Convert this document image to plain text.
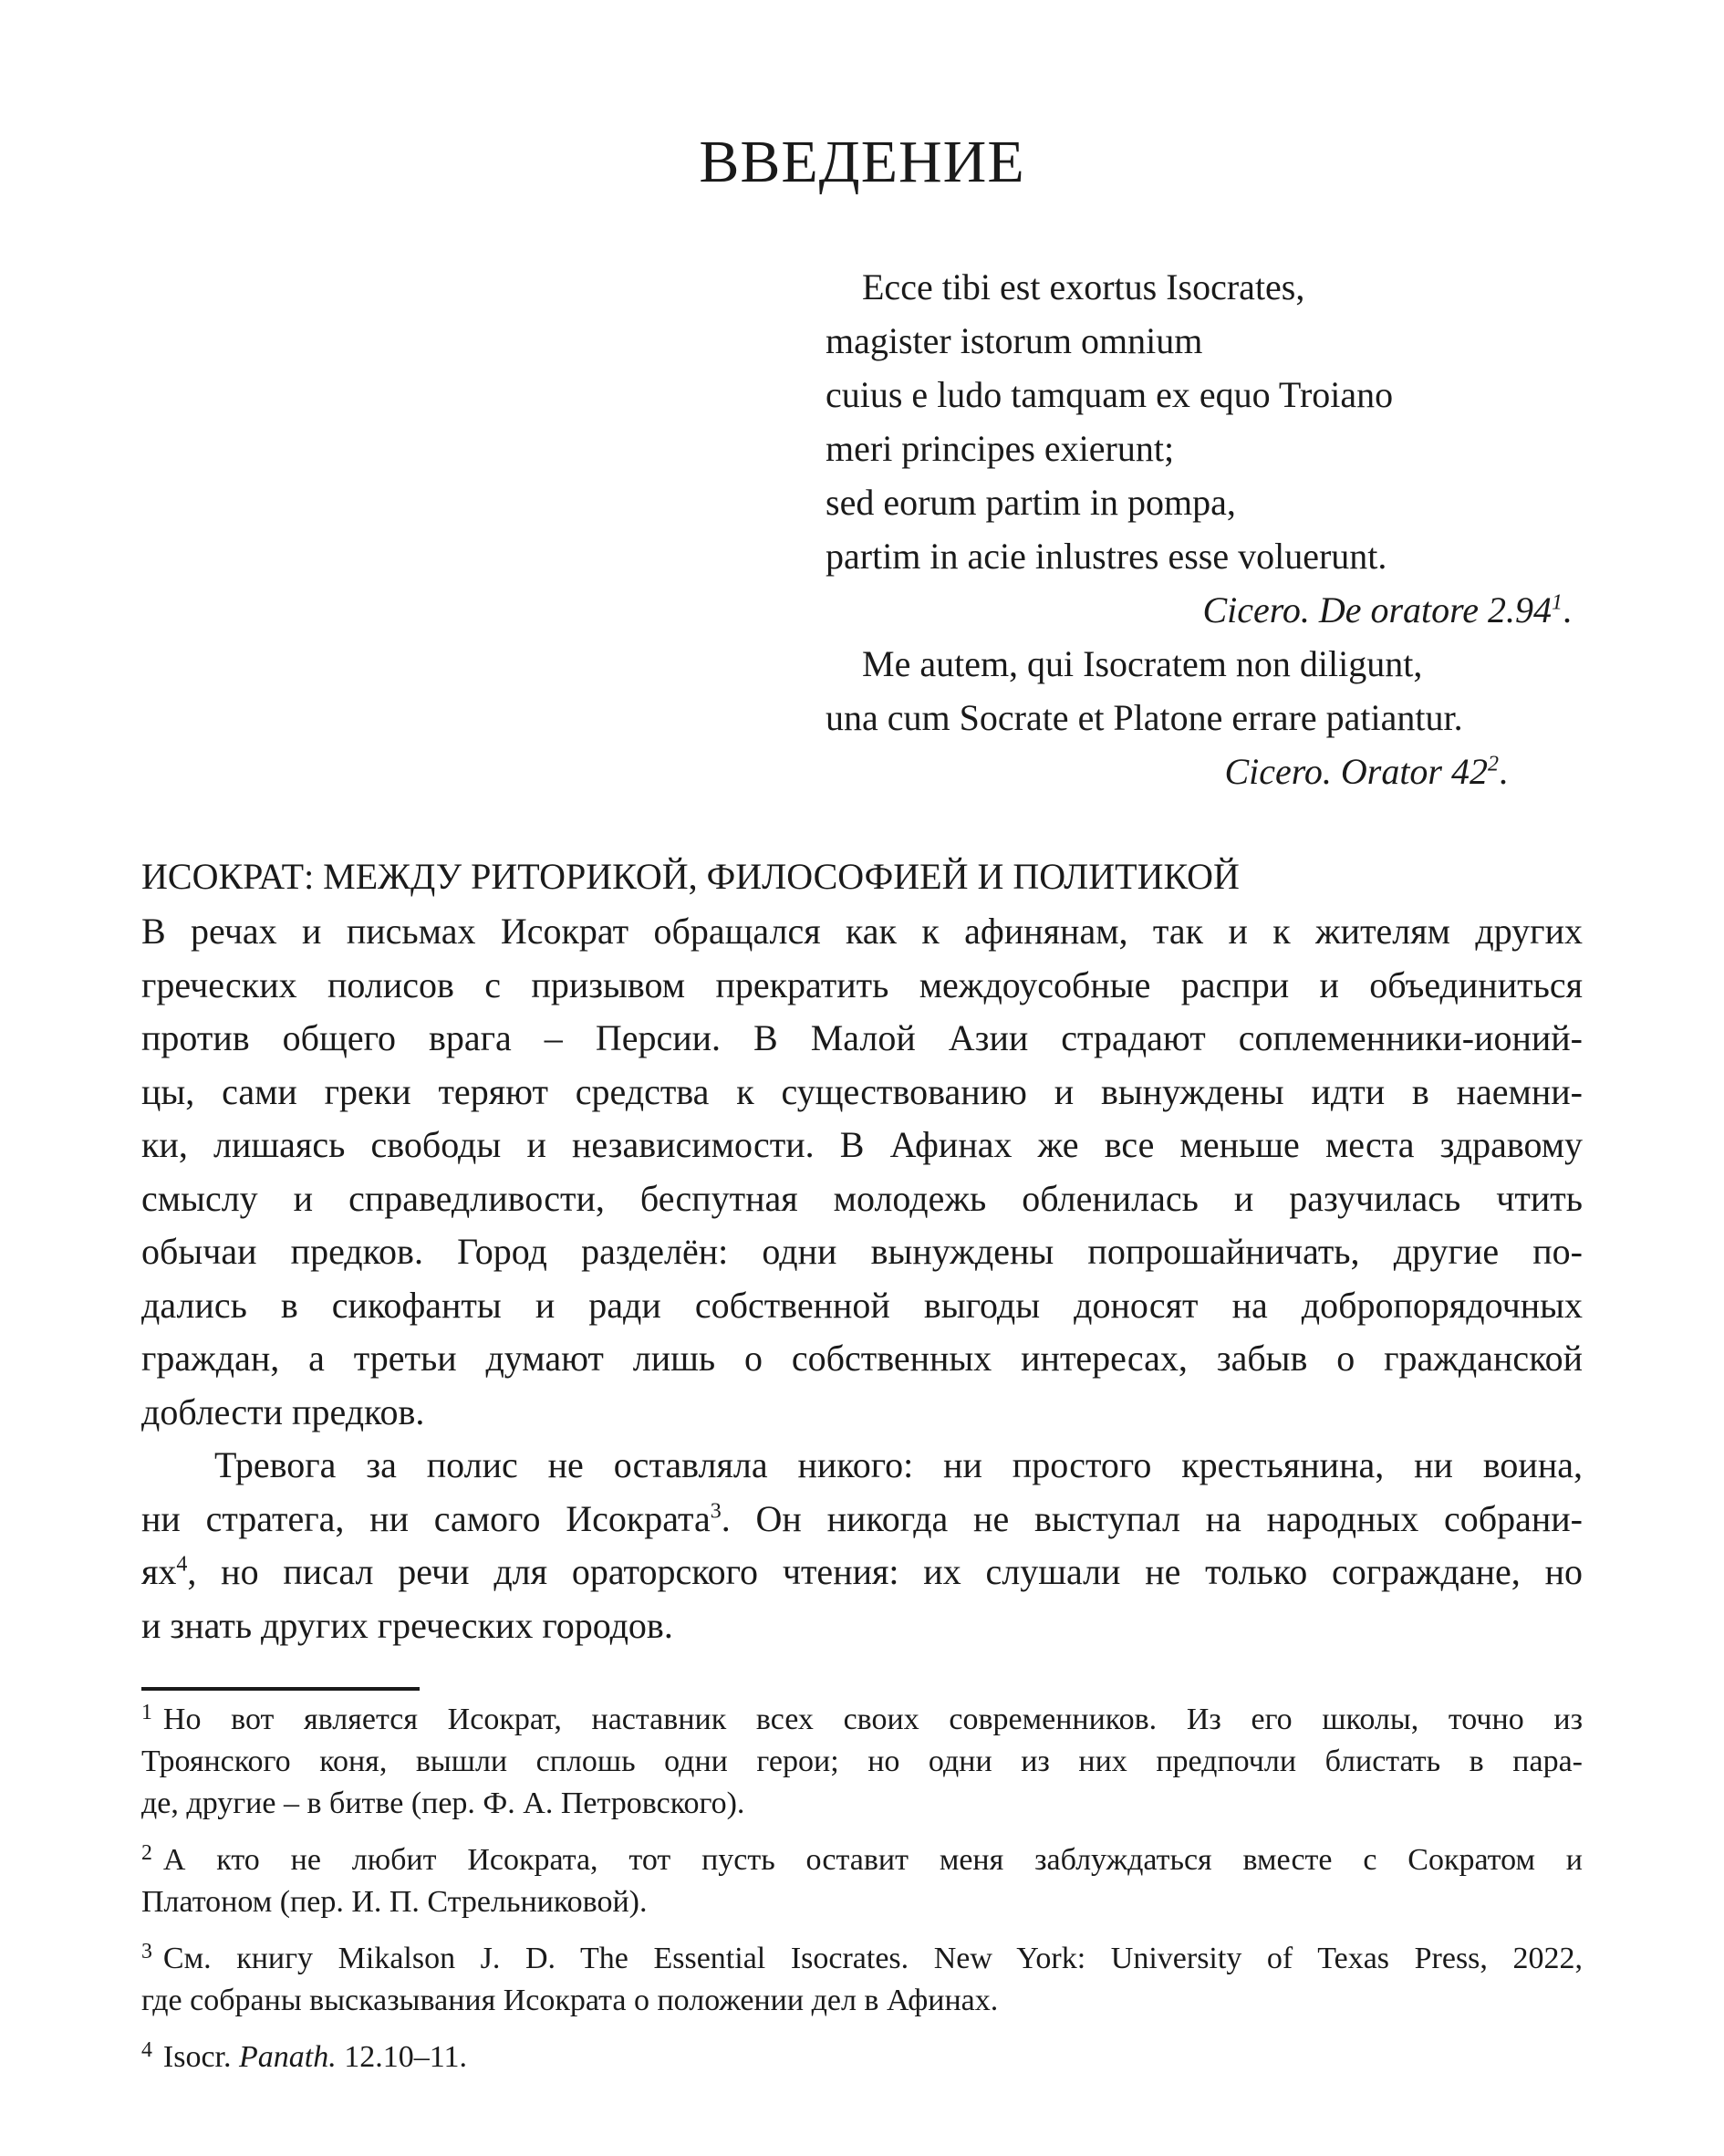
ВВЕДЕНИЕ
Ecce tibi est exortus Isocrates,
magister istorum omnium
cuius e ludo tamquam ex equo Troiano
meri principes exierunt;
sed eorum partim in pompa,
partim in acie inlustres esse voluerunt.
Cicero. De oratore 2.94$^1$.
Me autem, qui Isocratem non diligunt,
una cum Socrate et Platone errare patiantur.
Cicero. Orator $42^2$.
ИСОКРАТ: МЕЖДУ РИТОРИКОЙ, ФИЛОСОФИЕЙ И ПОЛИТИКОЙ
В речах и письмах Исократ обращался как к афинянам, так и к жителям других
греческих полисов с призывом прекратить междоусобные распри и объединиться
против общего врага – Персии. В Малой Азии страдают соплеменники-ионий-
цы, сами греки теряют средства к существованию и вынуждены идти в наемни-
ки, лишаясь свободы и независимости. В Афинах же все меньше места здравому
смыслу и справедливости, беспутная молодежь обленилась и разучилась чтить
обычаи предков. Город разделён: одни вынуждены попрошайничать, другие по-
дались в сикофанты и ради собственной выгоды доносят на добропорядочных
граждан, а третьи думают лишь о собственных интересах, забыв о гражданской
доблести предков.
Тревога за полис не оставляла никого: ни простого крестьянина, ни воина,
ни стратега, ни самого Исократа$^3$. Он никогда не выступал на народных собрани-
$ях^4$, но писал речи для ораторского чтения: их слушали не только сограждане, но
и знать других греческих городов.
$^1$ Но вот является Исократ, наставник всех своих современников. Из его школы, точно из
Троянского коня, вышли сплошь одни герои; но одни из них предпочли блистать в пара-
де, другие – в битве (пер. Ф. А. Петровского).
$^2$ А кто не любит Исократа, тот пусть оставит меня заблуждаться вместе с Сократом и
Платоном (пер. И. П. Стрельниковой).
$^3$ См. книгу Mikalson J. D. The Essential Isocrates. New York: University of Texas Press, 2022,
где собраны высказывания Исократа о положении дел в Афинах.
$^4$ Isocr. Panath. 12.10–11.
